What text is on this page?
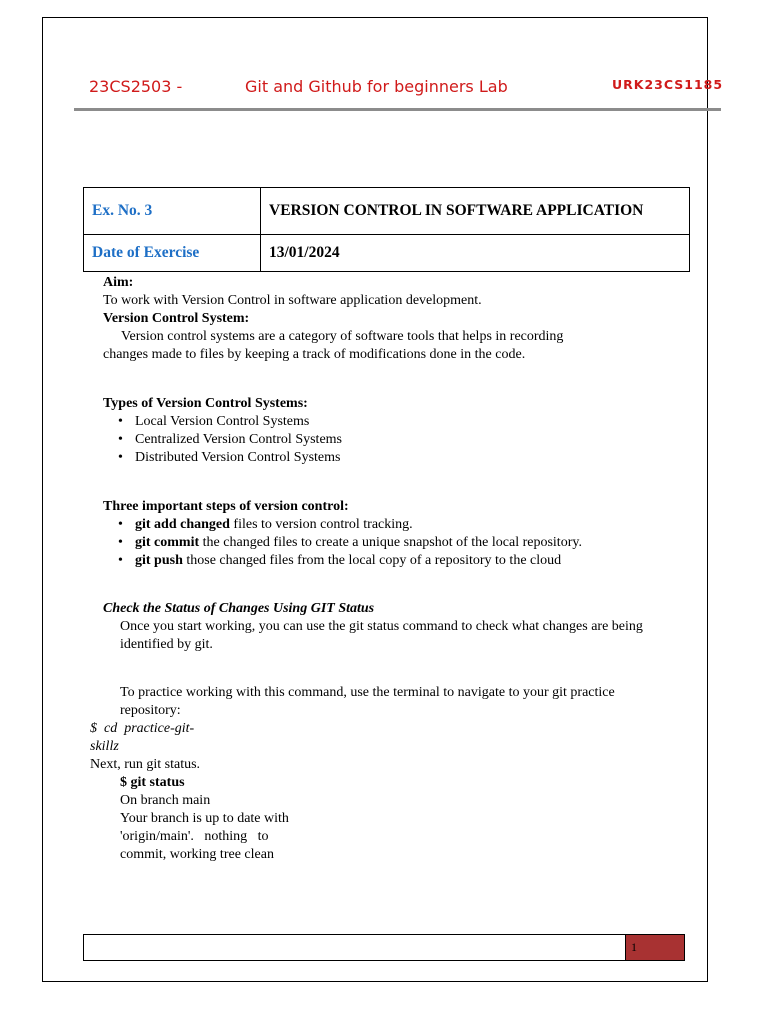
23CS2503 -	Git and Github for beginners Lab	URK23CS1185
Ex. No. 3	VERSION CONTROL IN SOFTWARE APPLICATION
Date of Exercise	13/01/2024
Aim:
To work with Version Control in software application development.
Version Control System:
Version control systems are a category of software tools that helps in recording
changes made to files by keeping a track of modifications done in the code.
Types of Version Control Systems:
• Local Version Control Systems
• Centralized Version Control Systems
• Distributed Version Control Systems
Three important steps of version control:
• git add changed files to version control tracking.
• git commit the changed files to create a unique snapshot of the local repository.
• git push those changed files from the local copy of a repository to the cloud
Check the Status of Changes Using GIT Status
Once you start working, you can use the git status command to check what changes are being
identified by git.
To practice working with this command, use the terminal to navigate to your git practice
repository:
$  cd  practice-git-
skillz
Next, run git status.
$ git status
On branch main
Your branch is up to date with
'origin/main'.   nothing   to
commit, working tree clean
1
